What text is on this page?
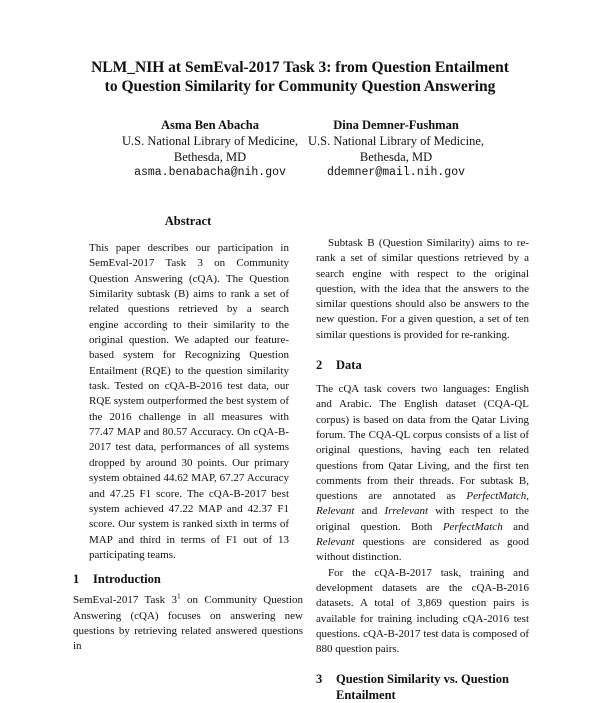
NLM_NIH at SemEval-2017 Task 3: from Question Entailment
to Question Similarity for Community Question Answering
Asma Ben Abacha
U.S. National Library of Medicine,
Bethesda, MD
asma.benabacha@nih.gov
Dina Demner-Fushman
U.S. National Library of Medicine,
Bethesda, MD
ddemner@mail.nih.gov
Abstract

This paper describes our participation in SemEval-2017 Task 3 on Community Question Answering (cQA). The Question Similarity subtask (B) aims to rank a set of related questions retrieved by a search engine according to their similarity to the original question. We adapted our feature-based system for Recognizing Question Entailment (RQE) to the question similarity task. Tested on cQA-B-2016 test data, our RQE system outperformed the best system of the 2016 challenge in all measures with 77.47 MAP and 80.57 Accuracy. On cQA-B-2017 test data, performances of all systems dropped by around 30 points. Our primary system obtained 44.62 MAP, 67.27 Accuracy and 47.25 F1 score. The cQA-B-2017 best system achieved 47.22 MAP and 42.37 F1 score. Our system is ranked sixth in terms of MAP and third in terms of F1 out of 13 participating teams.

1 Introduction

SemEval-2017 Task $3^1$ on Community Question Answering (cQA) focuses on answering new questions by retrieving related answered questions in

Subtask B (Question Similarity) aims to re-rank a set of similar questions retrieved by a search engine with respect to the original question, with the idea that the answers to the similar questions should also be answers to the new question. For a given question, a set of ten similar questions is provided for re-ranking.

2 Data

The cQA task covers two languages: English and Arabic. The English dataset (CQA-QL corpus) is based on data from the Qatar Living forum. The CQA-QL corpus consists of a list of original questions, having each ten related questions from Qatar Living, and the first ten comments from their threads. For subtask B, questions are annotated as PerfectMatch, Relevant and Irrelevant with respect to the original question. Both PerfectMatch and Relevant questions are considered as good without distinction.

For the cQA-B-2017 task, training and development datasets are the cQA-B-2016 datasets. A total of 3,869 question pairs is available for training including cQA-2016 test questions. cQA-B-2017 test data is composed of 880 question pairs.

3 Question Similarity vs. Question
Entailment
